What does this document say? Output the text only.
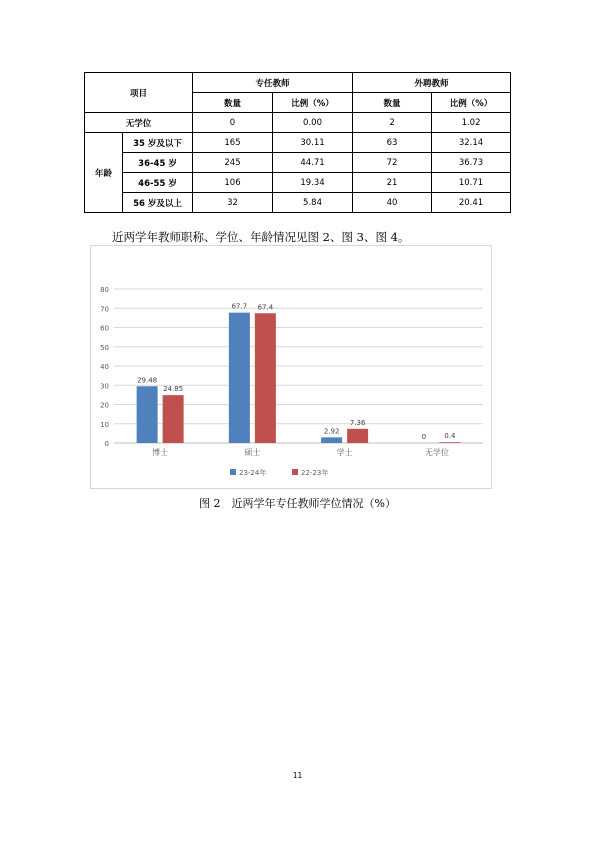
项目		专任教师		外聘教师	
		数量	比例（%）	数量	比例（%）
无学位		0	0.00	2	1.02
年龄	35 岁及以下	165	30.11	63	32.14
	36-45 岁	245	44.71	72	36.73
	46-55 岁	106	19.34	21	10.71
	56 岁及以上	32	5.84	40	20.41
近两学年教师职称、学位、年龄情况见图 2、图 3、图 4。
0
10
20
30
40
50
60
70
80
29.48
24.85
博士
67.7 67.4
硕士
2.92
7.36
学士
0	0.4
无学位
23-24年	22-23年
图 2　近两学年专任教师学位情况（%）
11
